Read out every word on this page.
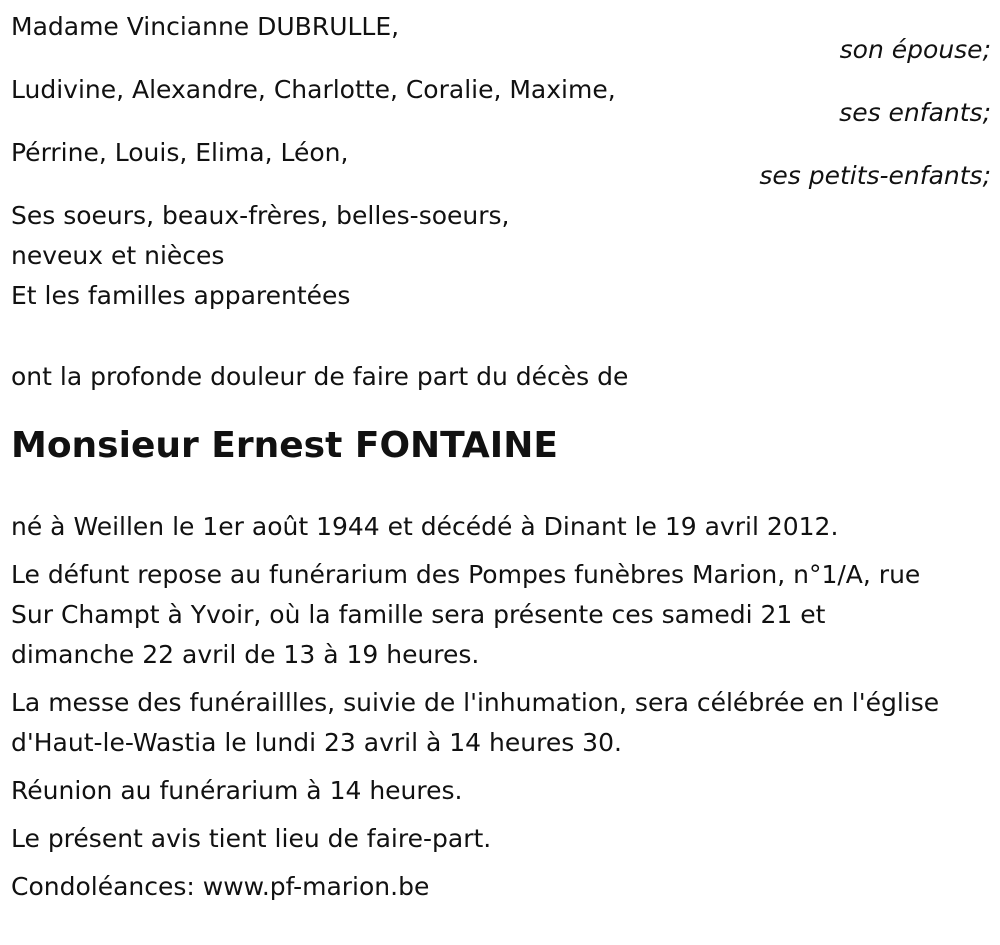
Madame Vincianne DUBRULLE,
son épouse;
Ludivine, Alexandre, Charlotte, Coralie, Maxime,
ses enfants;
Pérrine, Louis, Elima, Léon,
ses petits-enfants;
Ses soeurs, beaux-frères, belles-soeurs,
neveux et nièces
Et les familles apparentées
ont la profonde douleur de faire part du décès de
Monsieur Ernest FONTAINE
né à Weillen le 1er août 1944 et décédé à Dinant le 19 avril 2012.
Le défunt repose au funérarium des Pompes funèbres Marion, n°1/A, rue
Sur Champt à Yvoir, où la famille sera présente ces samedi 21 et
dimanche 22 avril de 13 à 19 heures.
La messe des funéraillles, suivie de l'inhumation, sera célébrée en l'église
d'Haut-le-Wastia le lundi 23 avril à 14 heures 30.
Réunion au funérarium à 14 heures.
Le présent avis tient lieu de faire-part.
Condoléances: www.pf-marion.be
